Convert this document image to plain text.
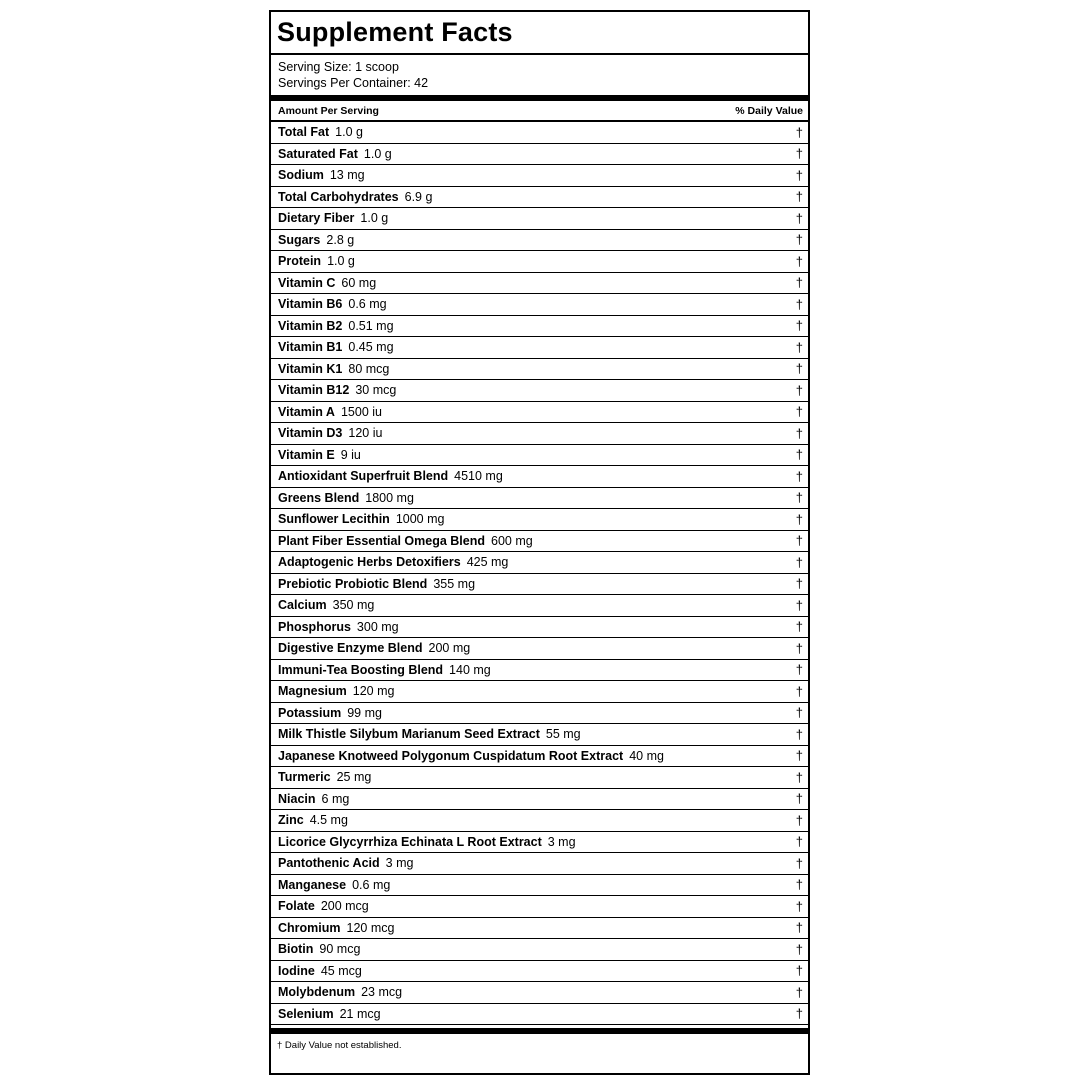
Supplement Facts
Serving Size: 1 scoop
Servings Per Container: 42
Amount Per Serving	% Daily Value
Total Fat 1.0 g	†
Saturated Fat 1.0 g	†
Sodium 13 mg	†
Total Carbohydrates 6.9 g	†
Dietary Fiber 1.0 g	†
Sugars 2.8 g	†
Protein 1.0 g	†
Vitamin C 60 mg	†
Vitamin B6 0.6 mg	†
Vitamin B2 0.51 mg	†
Vitamin B1 0.45 mg	†
Vitamin K1 80 mcg	†
Vitamin B12 30 mcg	†
Vitamin A 1500 iu	†
Vitamin D3 120 iu	†
Vitamin E 9 iu	†
Antioxidant Superfruit Blend 4510 mg	†
Greens Blend 1800 mg	†
Sunflower Lecithin 1000 mg	†
Plant Fiber Essential Omega Blend 600 mg	†
Adaptogenic Herbs Detoxifiers 425 mg	†
Prebiotic Probiotic Blend 355 mg	†
Calcium 350 mg	†
Phosphorus 300 mg	†
Digestive Enzyme Blend 200 mg	†
Immuni-Tea Boosting Blend 140 mg	†
Magnesium 120 mg	†
Potassium 99 mg	†
Milk Thistle Silybum Marianum Seed Extract 55 mg	†
Japanese Knotweed Polygonum Cuspidatum Root Extract 40 mg	†
Turmeric 25 mg	†
Niacin 6 mg	†
Zinc 4.5 mg	†
Licorice Glycyrrhiza Echinata L Root Extract 3 mg	†
Pantothenic Acid 3 mg	†
Manganese 0.6 mg	†
Folate 200 mcg	†
Chromium 120 mcg	†
Biotin 90 mcg	†
Iodine 45 mcg	†
Molybdenum 23 mcg	†
Selenium 21 mcg	†
† Daily Value not established.
